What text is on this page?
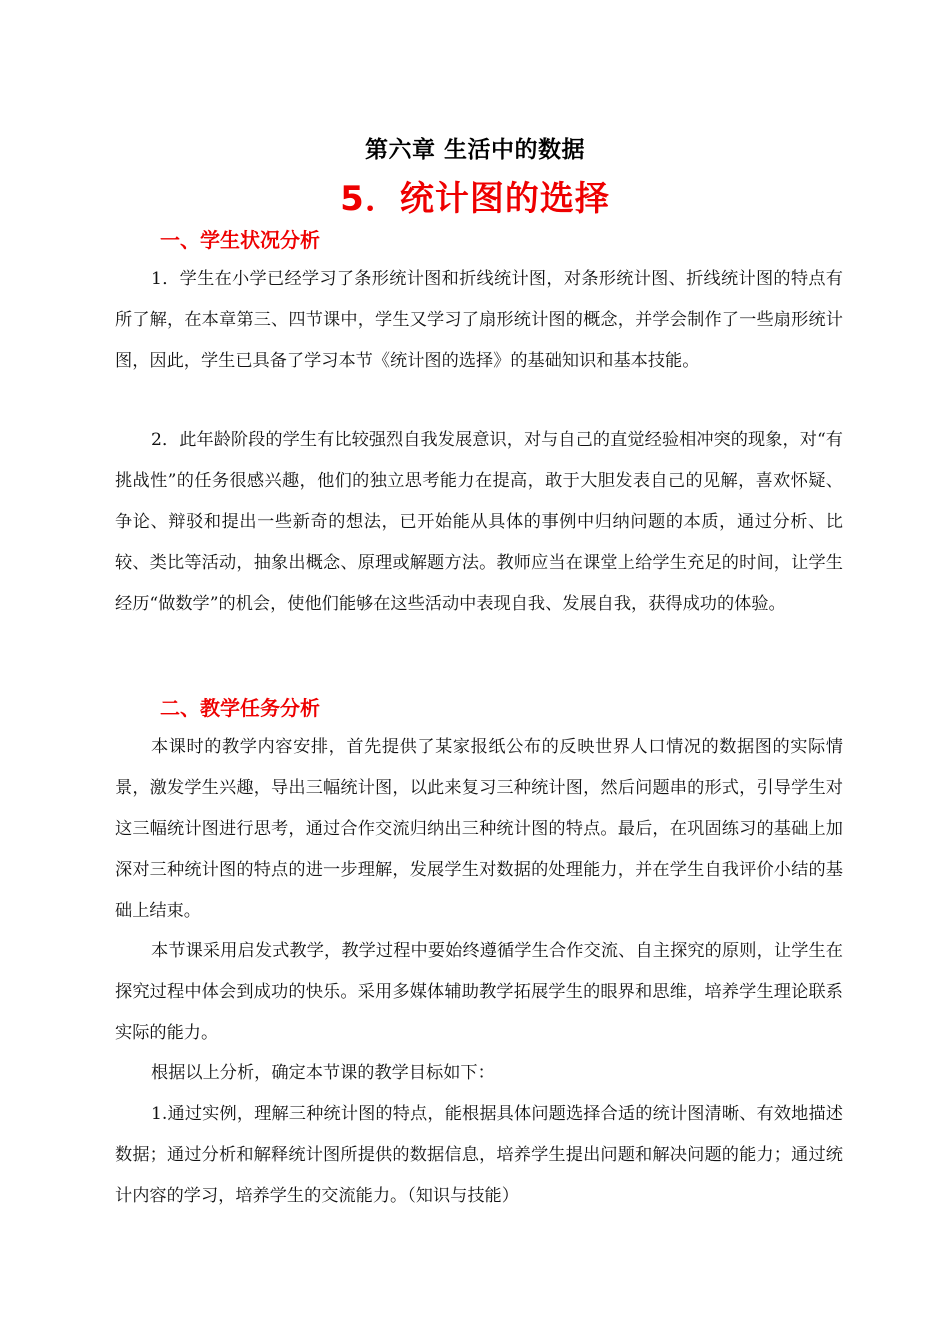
第六章 生活中的数据
5．统计图的选择
一、学生状况分析

1．学生在小学已经学习了条形统计图和折线统计图，对条形统计图、折线统计图的特点有所了解，在本章第三、四节课中，学生又学习了扇形统计图的概念，并学会制作了一些扇形统计图，因此，学生已具备了学习本节《统计图的选择》的基础知识和基本技能。

2．此年龄阶段的学生有比较强烈自我发展意识，对与自己的直觉经验相冲突的现象，对“有挑战性”的任务很感兴趣，他们的独立思考能力在提高，敢于大胆发表自己的见解，喜欢怀疑、争论、辩驳和提出一些新奇的想法，已开始能从具体的事例中归纳问题的本质，通过分析、比较、类比等活动，抽象出概念、原理或解题方法。教师应当在课堂上给学生充足的时间，让学生经历“做数学”的机会，使他们能够在这些活动中表现自我、发展自我，获得成功的体验。

二、教学任务分析

本课时的教学内容安排，首先提供了某家报纸公布的反映世界人口情况的数据图的实际情景，激发学生兴趣，导出三幅统计图，以此来复习三种统计图，然后问题串的形式，引导学生对这三幅统计图进行思考，通过合作交流归纳出三种统计图的特点。最后，在巩固练习的基础上加深对三种统计图的特点的进一步理解，发展学生对数据的处理能力，并在学生自我评价小结的基础上结束。

本节课采用启发式教学，教学过程中要始终遵循学生合作交流、自主探究的原则，让学生在探究过程中体会到成功的快乐。采用多媒体辅助教学拓展学生的眼界和思维，培养学生理论联系实际的能力。

根据以上分析，确定本节课的教学目标如下：

1.通过实例，理解三种统计图的特点，能根据具体问题选择合适的统计图清晰、有效地描述数据；通过分析和解释统计图所提供的数据信息，培养学生提出问题和解决问题的能力；通过统计内容的学习，培养学生的交流能力。（知识与技能）
